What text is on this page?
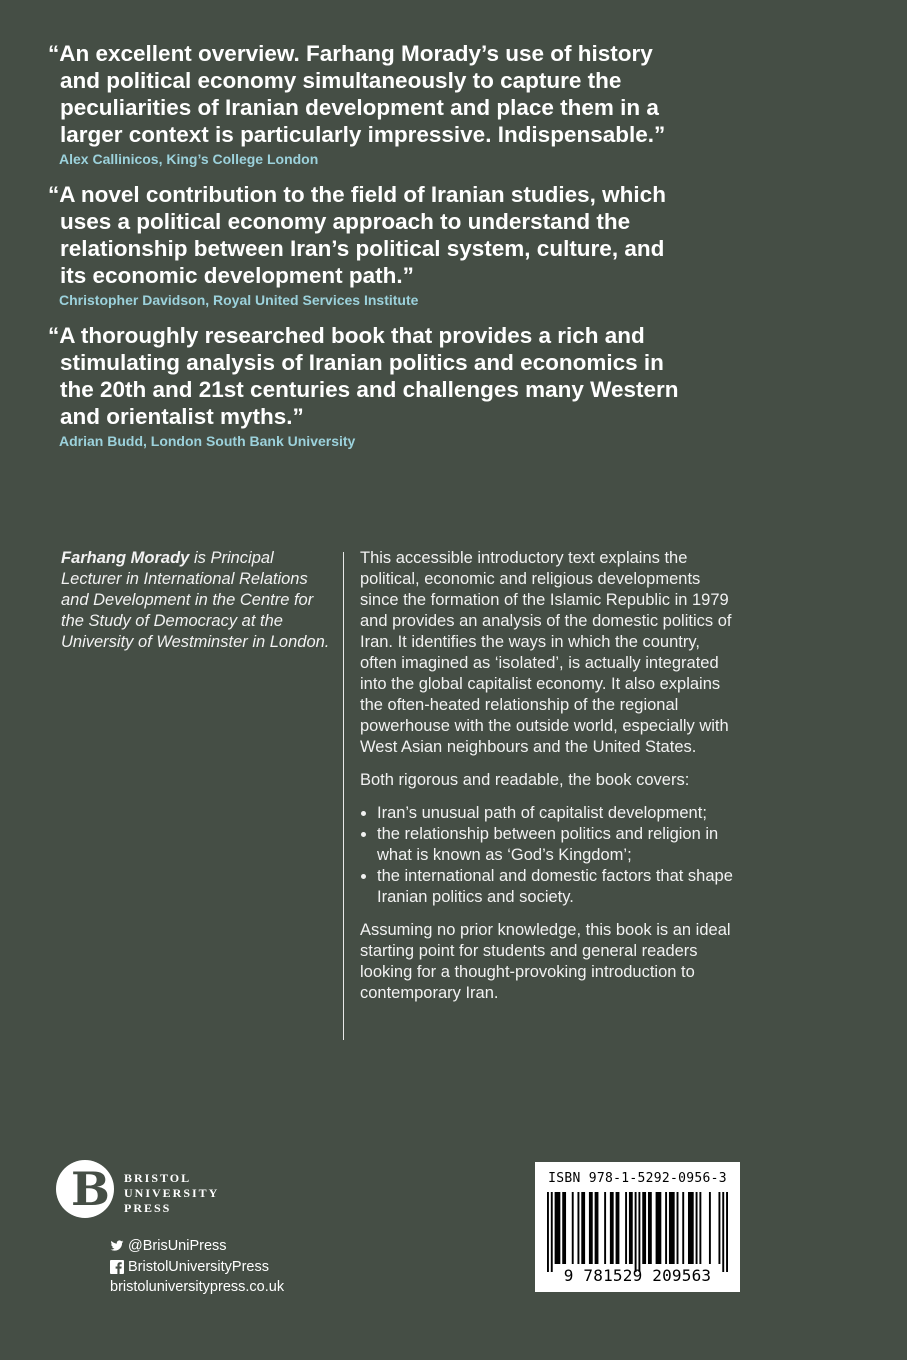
“An excellent overview. Farhang Morady’s use of history and political economy simultaneously to capture the peculiarities of Iranian development and place them in a larger context is particularly impressive. Indispensable.”

Alex Callinicos, King’s College London

“A novel contribution to the field of Iranian studies, which uses a political economy approach to understand the relationship between Iran’s political system, culture, and its economic development path.”

Christopher Davidson, Royal United Services Institute

“A thoroughly researched book that provides a rich and stimulating analysis of Iranian politics and economics in the 20th and 21st centuries and challenges many Western and orientalist myths.”

Adrian Budd, London South Bank University
Farhang Morady is Principal Lecturer in International Relations and Development in the Centre for the Study of Democracy at the University of Westminster in London.

This accessible introductory text explains the political, economic and religious developments since the formation of the Islamic Republic in 1979 and provides an analysis of the domestic politics of Iran. It identifies the ways in which the country, often imagined as ‘isolated’, is actually integrated into the global capitalist economy. It also explains the often-heated relationship of the regional powerhouse with the outside world, especially with West Asian neighbours and the United States.

Both rigorous and readable, the book covers:

Iran’s unusual path of capitalist development;
the relationship between politics and religion in what is known as ‘God’s Kingdom’;
the international and domestic factors that shape Iranian politics and society.

Assuming no prior knowledge, this book is an ideal starting point for students and general readers looking for a thought-provoking introduction to contemporary Iran.

B BRISTOL
UNIVERSITY
PRESS
@BrisUniPress
BristolUniversityPress
bristoluniversitypress.co.uk
ISBN 978-1-5292-0956-3
9 781529 209563
